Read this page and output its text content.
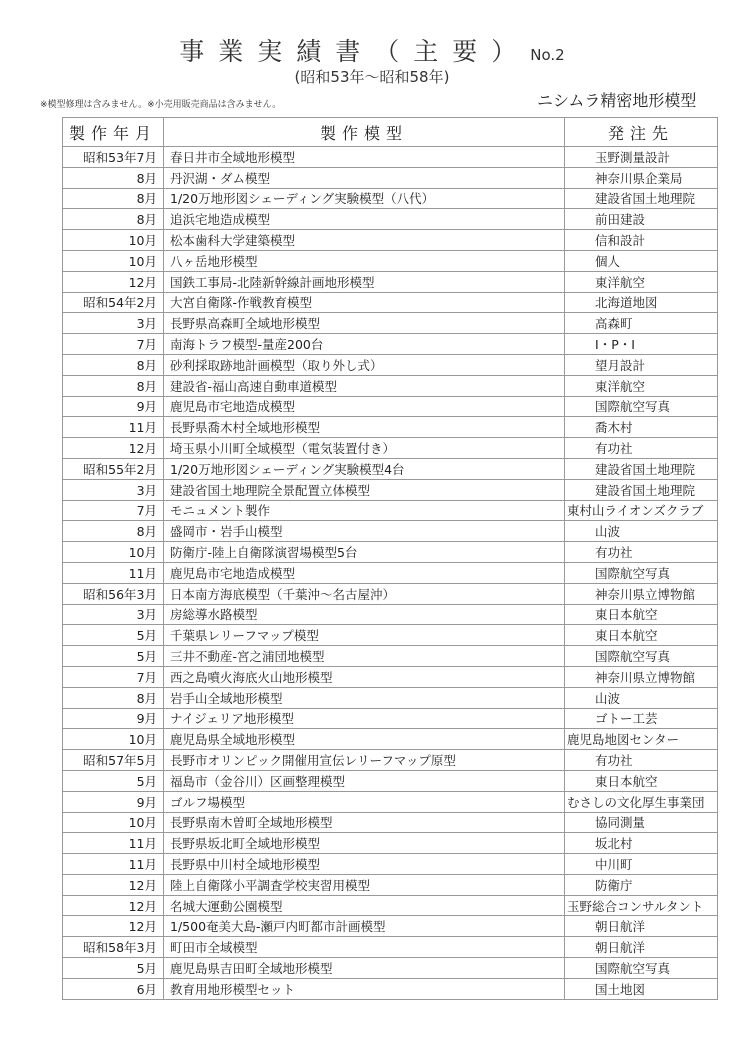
事業実績書（主要）No.2
(昭和53年～昭和58年)
※模型修理は含みません。※小売用販売商品は含みません。	ニシムラ精密地形模型
製作年月	製作模型	発注先
昭和53年7月	春日井市全域地形模型	玉野測量設計
8月	丹沢湖・ダム模型	神奈川県企業局
8月	1/20万地形図シェーディング実験模型（八代）	建設省国土地理院
8月	追浜宅地造成模型	前田建設
10月	松本歯科大学建築模型	信和設計
10月	八ヶ岳地形模型	個人
12月	国鉄工事局-北陸新幹線計画地形模型	東洋航空
昭和54年2月	大宮自衛隊-作戦教育模型	北海道地図
3月	長野県高森町全域地形模型	高森町
7月	南海トラフ模型-量産200台	I・P・I
8月	砂利採取跡地計画模型（取り外し式）	望月設計
8月	建設省-福山高速自動車道模型	東洋航空
9月	鹿児島市宅地造成模型	国際航空写真
11月	長野県喬木村全域地形模型	喬木村
12月	埼玉県小川町全域模型（電気装置付き）	有功社
昭和55年2月	1/20万地形図シェーディング実験模型4台	建設省国土地理院
3月	建設省国土地理院全景配置立体模型	建設省国土地理院
7月	モニュメント製作	東村山ライオンズクラブ
8月	盛岡市・岩手山模型	山波
10月	防衛庁-陸上自衛隊演習場模型5台	有功社
11月	鹿児島市宅地造成模型	国際航空写真
昭和56年3月	日本南方海底模型（千葉沖～名古屋沖）	神奈川県立博物館
3月	房総導水路模型	東日本航空
5月	千葉県レリーフマップ模型	東日本航空
5月	三井不動産-宮之浦団地模型	国際航空写真
7月	西之島噴火海底火山地形模型	神奈川県立博物館
8月	岩手山全域地形模型	山波
9月	ナイジェリア地形模型	ゴトー工芸
10月	鹿児島県全域地形模型	鹿児島地図センター
昭和57年5月	長野市オリンピック開催用宣伝レリーフマップ原型	有功社
5月	福島市（金谷川）区画整理模型	東日本航空
9月	ゴルフ場模型	むさしの文化厚生事業団
10月	長野県南木曽町全域地形模型	協同測量
11月	長野県坂北町全域地形模型	坂北村
11月	長野県中川村全域地形模型	中川町
12月	陸上自衛隊小平調査学校実習用模型	防衛庁
12月	名城大運動公園模型	玉野総合コンサルタント
12月	1/500奄美大島-瀬戸内町都市計画模型	朝日航洋
昭和58年3月	町田市全域模型	朝日航洋
5月	鹿児島県吉田町全域地形模型	国際航空写真
6月	教育用地形模型セット	国土地図
